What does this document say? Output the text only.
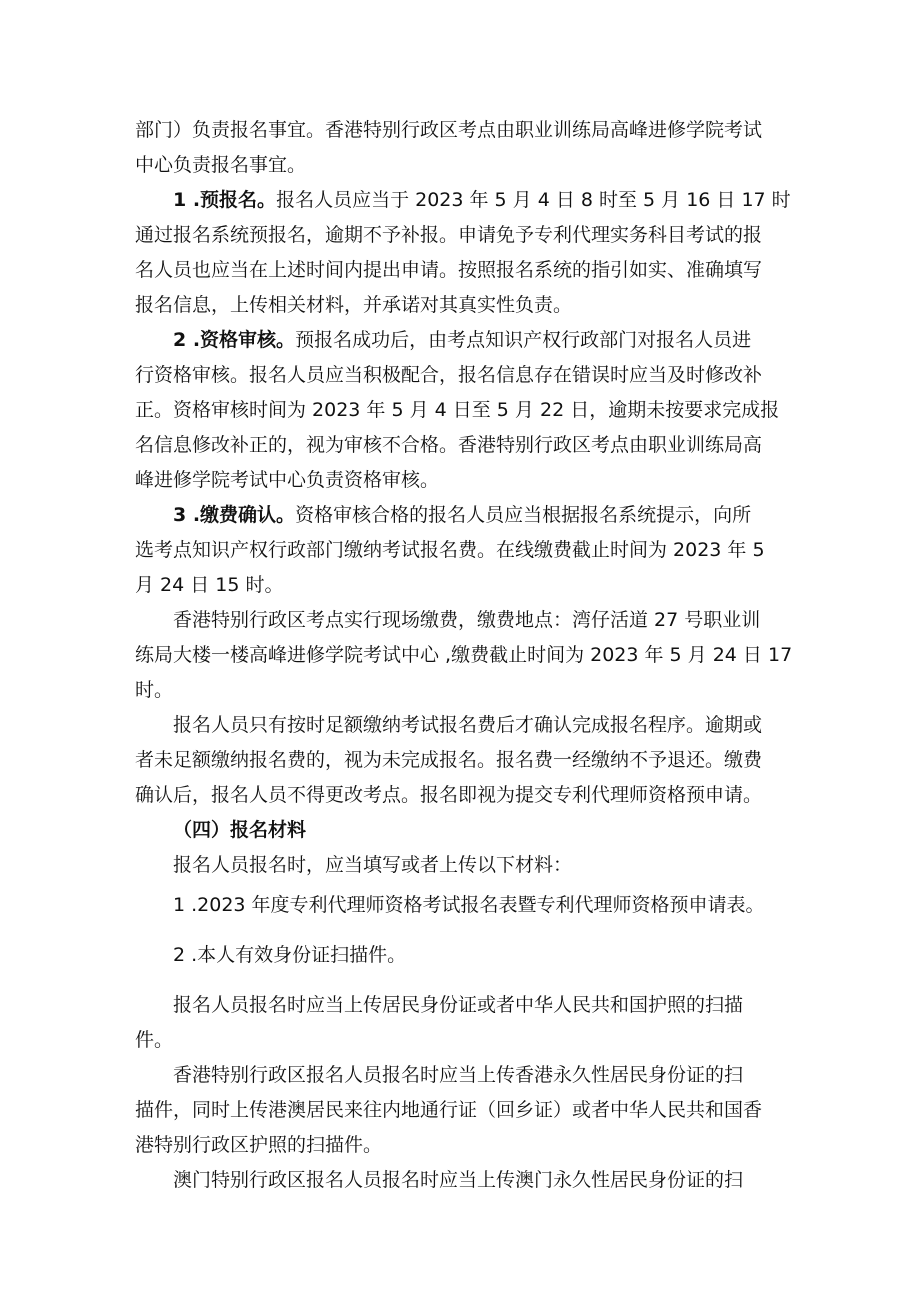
部门）负责报名事宜。香港特别行政区考点由职业训练局高峰进修学院考试
中心负责报名事宜。
1 .预报名。报名人员应当于 2023 年 5 月 4 日 8 时至 5 月 16 日 17 时
通过报名系统预报名，逾期不予补报。申请免予专利代理实务科目考试的报
名人员也应当在上述时间内提出申请。按照报名系统的指引如实、准确填写
报名信息，上传相关材料，并承诺对其真实性负责。
2 .资格审核。预报名成功后，由考点知识产权行政部门对报名人员进
行资格审核。报名人员应当积极配合，报名信息存在错误时应当及时修改补
正。资格审核时间为 2023 年 5 月 4 日至 5 月 22 日，逾期未按要求完成报
名信息修改补正的，视为审核不合格。香港特别行政区考点由职业训练局高
峰进修学院考试中心负责资格审核。
3 .缴费确认。资格审核合格的报名人员应当根据报名系统提示，向所
选考点知识产权行政部门缴纳考试报名费。在线缴费截止时间为 2023 年 5
月 24 日 15 时。
香港特别行政区考点实行现场缴费，缴费地点：湾仔活道 27 号职业训
练局大楼一楼高峰进修学院考试中心 ,缴费截止时间为 2023 年 5 月 24 日 17
时。
报名人员只有按时足额缴纳考试报名费后才确认完成报名程序。逾期或
者未足额缴纳报名费的，视为未完成报名。报名费一经缴纳不予退还。缴费
确认后，报名人员不得更改考点。报名即视为提交专利代理师资格预申请。
（四）报名材料
报名人员报名时，应当填写或者上传以下材料：
1 .2023 年度专利代理师资格考试报名表暨专利代理师资格预申请表。
2 .本人有效身份证扫描件。
报名人员报名时应当上传居民身份证或者中华人民共和国护照的扫描
件。
香港特别行政区报名人员报名时应当上传香港永久性居民身份证的扫
描件，同时上传港澳居民来往内地通行证（回乡证）或者中华人民共和国香
港特别行政区护照的扫描件。
澳门特别行政区报名人员报名时应当上传澳门永久性居民身份证的扫
